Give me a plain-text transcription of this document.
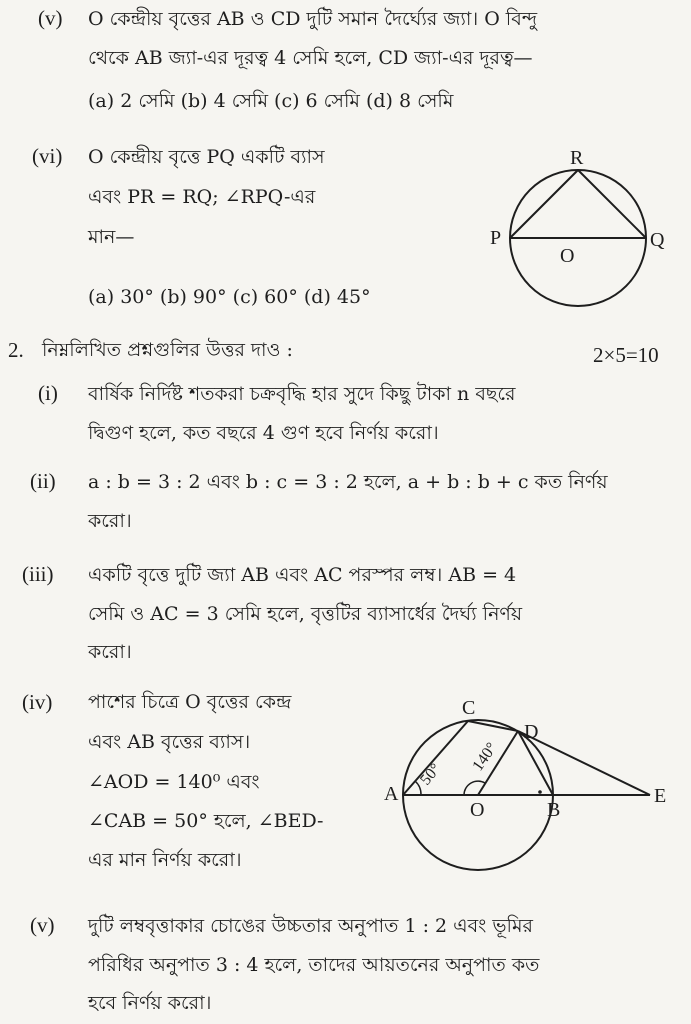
(v) O কেন্দ্রীয় বৃত্তের AB ও CD দুটি সমান দৈর্ঘ্যের জ্যা। O বিন্দু
থেকে AB জ্যা-এর দূরত্ব 4 সেমি হলে, CD জ্যা-এর দূরত্ব—
(a) 2 সেমি (b) 4 সেমি (c) 6 সেমি (d) 8 সেমি
(vi) O কেন্দ্রীয় বৃত্তে PQ একটি ব্যাস
এবং PR = RQ; ∠RPQ-এর
মান—
(a) 30° (b) 90° (c) 60° (d) 45°
R
P
O
Q
2. নিম্নলিখিত প্রশ্নগুলির উত্তর দাও :	2×5=10
(i) বার্ষিক নির্দিষ্ট শতকরা চক্রবৃদ্ধি হার সুদে কিছু টাকা n বছরে
দ্বিগুণ হলে, কত বছরে 4 গুণ হবে নির্ণয় করো।
(ii) a : b = 3 : 2 এবং b : c = 3 : 2 হলে, a + b : b + c কত নির্ণয়
করো।
(iii) একটি বৃত্তে দুটি জ্যা AB এবং AC পরস্পর লম্ব। AB = 4
সেমি ও AC = 3 সেমি হলে, বৃত্তটির ব্যাসার্ধের দৈর্ঘ্য নির্ণয়
করো।
(iv) পাশের চিত্রে O বৃত্তের কেন্দ্র
এবং AB বৃত্তের ব্যাস।
∠AOD = 140⁰ এবং
∠CAB = 50° হলে, ∠BED-
এর মান নির্ণয় করো।
C
D
A
O	B
E
50°
140°
(v) দুটি লম্ববৃত্তাকার চোঙের উচ্চতার অনুপাত 1 : 2 এবং ভূমির
পরিধির অনুপাত 3 : 4 হলে, তাদের আয়তনের অনুপাত কত
হবে নির্ণয় করো।
